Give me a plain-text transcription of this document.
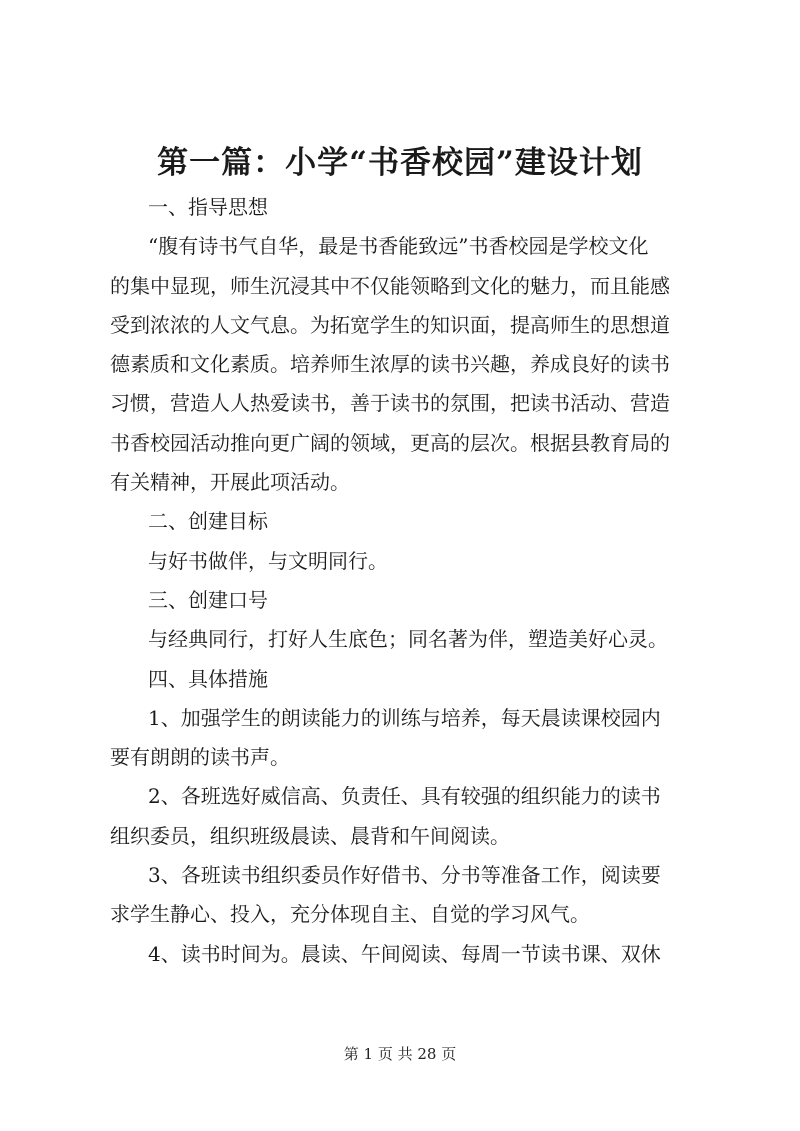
第一篇：小学“书香校园”建设计划
一、指导思想
“腹有诗书气自华，最是书香能致远”书香校园是学校文化
的集中显现，师生沉浸其中不仅能领略到文化的魅力，而且能感
受到浓浓的人文气息。为拓宽学生的知识面，提高师生的思想道
德素质和文化素质。培养师生浓厚的读书兴趣，养成良好的读书
习惯，营造人人热爱读书，善于读书的氛围，把读书活动、营造
书香校园活动推向更广阔的领域，更高的层次。根据县教育局的
有关精神，开展此项活动。
二、创建目标
与好书做伴，与文明同行。
三、创建口号
与经典同行，打好人生底色；同名著为伴，塑造美好心灵。
四、具体措施
1、加强学生的朗读能力的训练与培养，每天晨读课校园内
要有朗朗的读书声。
2、各班选好威信高、负责任、具有较强的组织能力的读书
组织委员，组织班级晨读、晨背和午间阅读。
3、各班读书组织委员作好借书、分书等准备工作，阅读要
求学生静心、投入，充分体现自主、自觉的学习风气。
4、读书时间为。晨读、午间阅读、每周一节读书课、双休
第 1 页 共 28 页
